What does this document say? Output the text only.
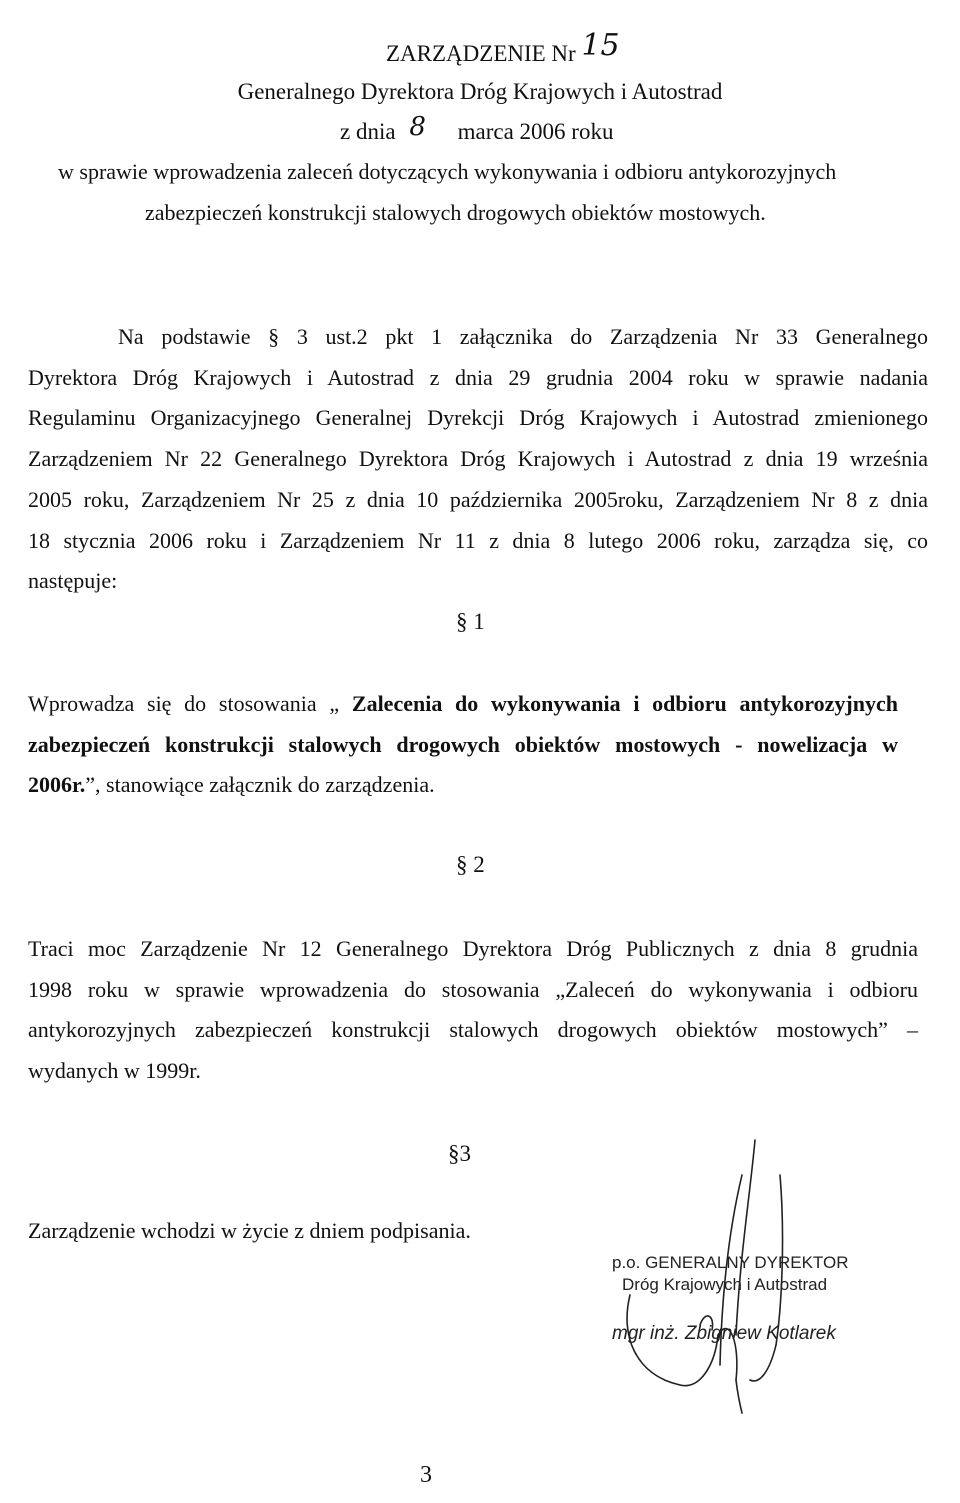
ZARZĄDZENIE Nr 15
Generalnego Dyrektora Dróg Krajowych i Autostrad
z dnia 8 marca 2006 roku
w sprawie wprowadzenia zaleceń dotyczących wykonywania i odbioru antykorozyjnych
zabezpieczeń konstrukcji stalowych drogowych obiektów mostowych.
Na podstawie § 3 ust.2 pkt 1 załącznika do Zarządzenia Nr 33 Generalnego
Dyrektora Dróg Krajowych i Autostrad z dnia 29 grudnia 2004 roku w sprawie nadania
Regulaminu Organizacyjnego Generalnej Dyrekcji Dróg Krajowych i Autostrad zmienionego
Zarządzeniem Nr 22 Generalnego Dyrektora Dróg Krajowych i Autostrad z dnia 19 września
2005 roku, Zarządzeniem Nr 25 z dnia 10 października 2005roku, Zarządzeniem Nr 8 z dnia
18 stycznia 2006 roku i Zarządzeniem Nr 11 z dnia 8 lutego 2006 roku, zarządza się, co
następuje:
§ 1
Wprowadza się do stosowania „ Zalecenia do wykonywania i odbioru antykorozyjnych
zabezpieczeń konstrukcji stalowych drogowych obiektów mostowych - nowelizacja w
2006r.”, stanowiące załącznik do zarządzenia.
§ 2
Traci moc Zarządzenie Nr 12 Generalnego Dyrektora Dróg Publicznych z dnia 8 grudnia
1998 roku w sprawie wprowadzenia do stosowania „Zaleceń do wykonywania i odbioru
antykorozyjnych zabezpieczeń konstrukcji stalowych drogowych obiektów mostowych” –
wydanych w 1999r.
§3
Zarządzenie wchodzi w życie z dniem podpisania.
p.o. GENERALNY DYREKTOR
Dróg Krajowych i Autostrad
mgr inż. Zbigniew Kotlarek
3
